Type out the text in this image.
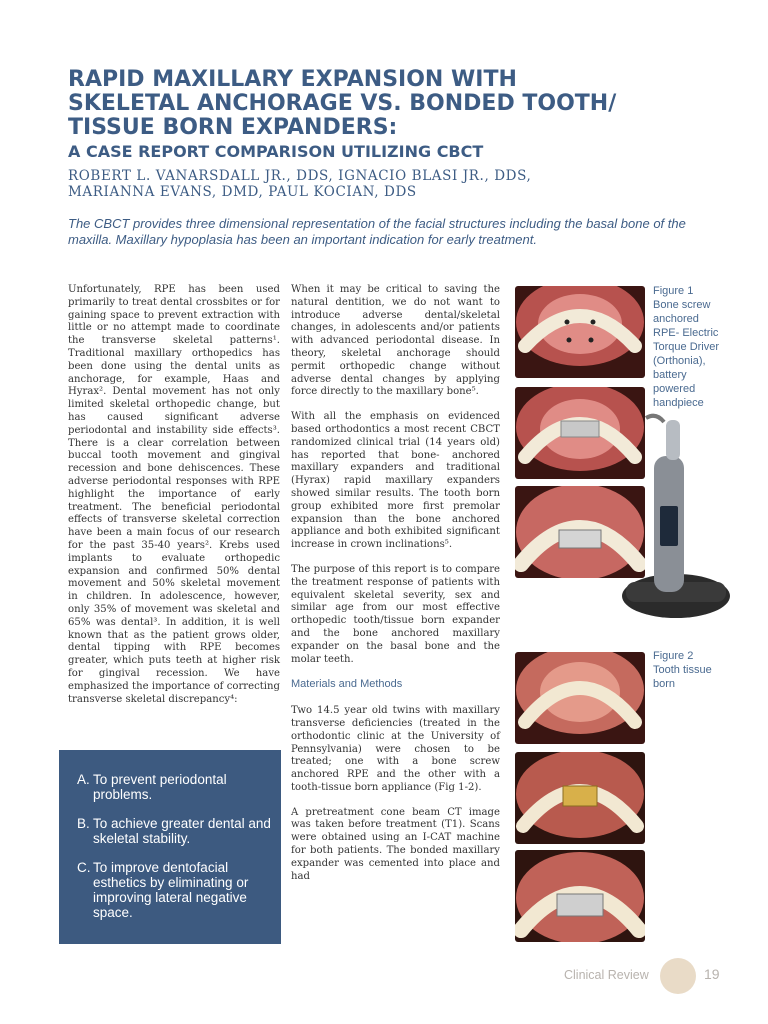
RAPID MAXILLARY EXPANSION WITH
SKELETAL ANCHORAGE VS. BONDED TOOTH/
TISSUE BORN EXPANDERS:
A CASE REPORT COMPARISON UTILIZING CBCT
ROBERT L. VANARSDALL JR., DDS, IGNACIO BLASI JR., DDS,
MARIANNA EVANS, DMD, PAUL KOCIAN, DDS
The CBCT provides three dimensional representation of the facial structures including the basal bone of the maxilla. Maxillary hypoplasia has been an important indication for early treatment.

Unfortunately, RPE has been used primarily to treat dental crossbites or for gaining space to prevent extraction with little or no attempt made to coordinate the transverse skeletal patterns¹. Traditional maxillary orthopedics has been done using the dental units as anchorage, for example, Haas and Hyrax². Dental movement has not only limited skeletal orthopedic change, but has caused significant adverse periodontal and instability side effects³. There is a clear correlation between buccal tooth movement and gingival recession and bone dehiscences. These adverse periodontal responses with RPE highlight the importance of early treatment. The beneficial periodontal effects of transverse skeletal correction have been a main focus of our research for the past 35-40 years². Krebs used implants to evaluate orthopedic expansion and confirmed 50% dental movement and 50% skeletal movement in children. In adolescence, however, only 35% of movement was skeletal and 65% was dental³. In addition, it is well known that as the patient grows older, dental tipping with RPE becomes greater, which puts teeth at higher risk for gingival recession. We have emphasized the importance of correcting transverse skeletal discrepancy⁴:

A. To prevent periodontal problems.
B. To achieve greater dental and skeletal stability.
C. To improve dentofacial esthetics by eliminating or improving lateral negative space.

When it may be critical to saving the natural dentition, we do not want to introduce adverse dental/skeletal changes, in adolescents and/or patients with advanced periodontal disease. In theory, skeletal anchorage should permit orthopedic change without adverse dental changes by applying force directly to the maxillary bone⁵.

With all the emphasis on evidenced based orthodontics a most recent CBCT randomized clinical trial (14 years old) has reported that bone- anchored maxillary expanders and traditional (Hyrax) rapid maxillary expanders showed similar results. The tooth born group exhibited more first premolar expansion than the bone anchored appliance and both exhibited significant increase in crown inclinations⁵.

The purpose of this report is to compare the treatment response of patients with equivalent skeletal severity, sex and similar age from our most effective orthopedic tooth/tissue born expander and the bone anchored maxillary expander on the basal bone and the molar teeth.

Materials and Methods

Two 14.5 year old twins with maxillary transverse deficiencies (treated in the orthodontic clinic at the University of Pennsylvania) were chosen to be treated; one with a bone screw anchored RPE and the other with a tooth-tissue born appliance (Fig 1-2).

A pretreatment cone beam CT image was taken before treatment (T1). Scans were obtained using an I-CAT machine for both patients. The bonded maxillary expander was cemented into place and had

Figure 1
Bone screw
anchored
RPE- Electric
Torque Driver
(Orthonia),
battery
powered
handpiece
Figure 2
Tooth tissue
born
Clinical Review	19
